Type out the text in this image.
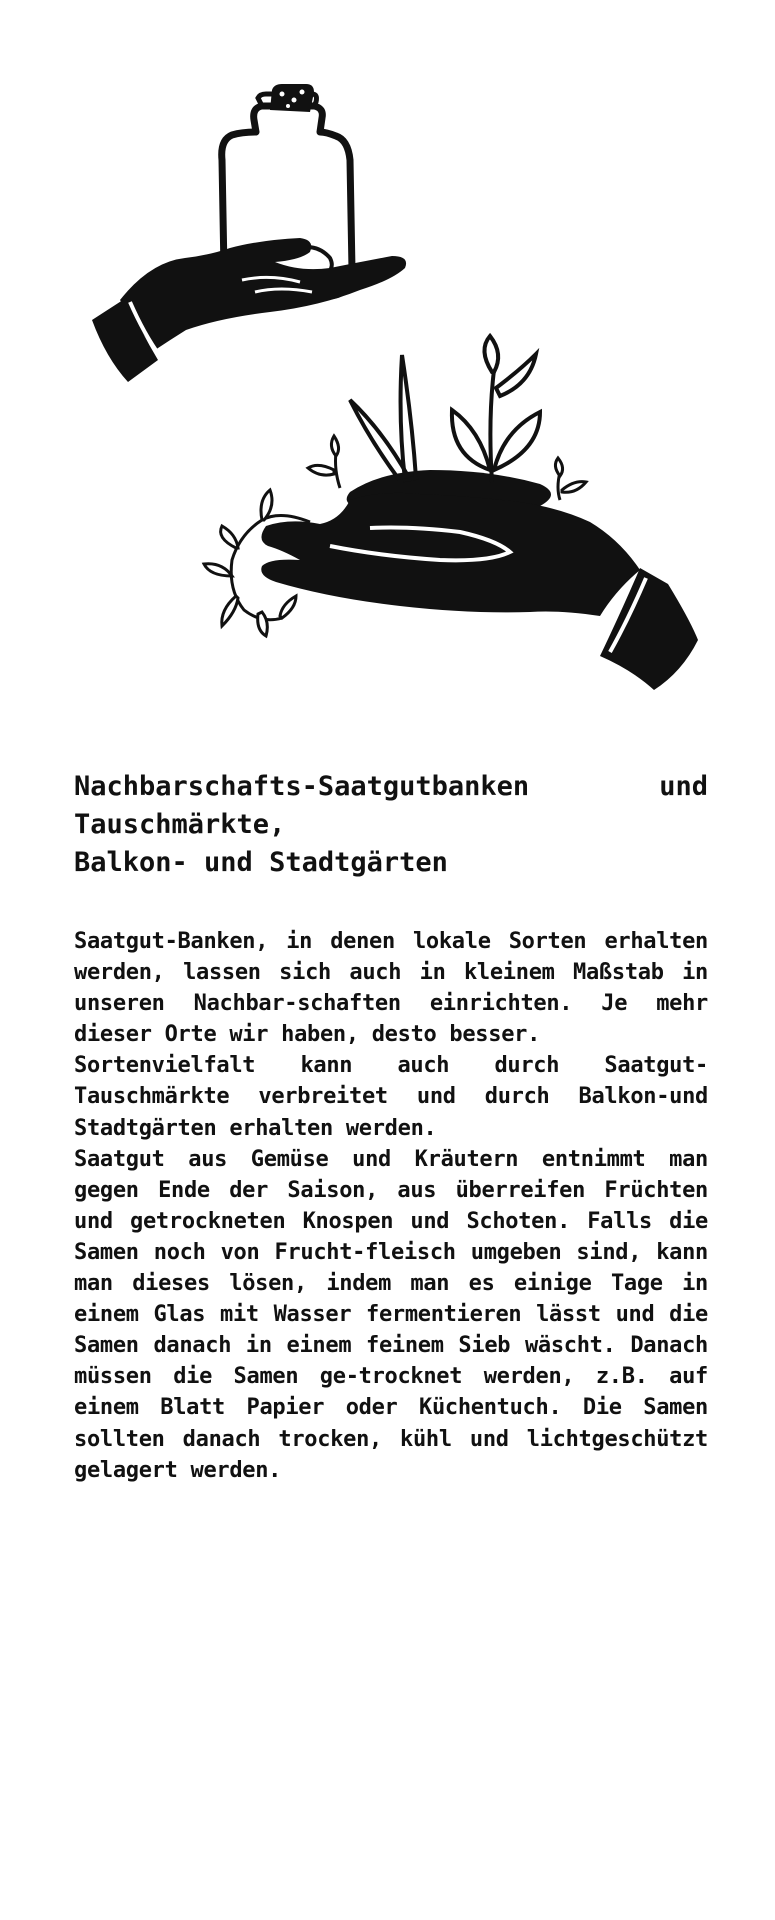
Nachbarschafts-Saatgutbanken und
Tauschmärkte,
Balkon- und Stadtgärten

Saatgut-Banken, in denen lokale Sorten erhalten werden, lassen sich auch in kleinem Maßstab in unseren Nachbar-schaften einrichten. Je mehr dieser Orte wir haben, desto besser.

Sortenvielfalt kann auch durch Saatgut-Tauschmärkte verbreitet und durch Balkon-und Stadtgärten erhalten werden.

Saatgut aus Gemüse und Kräutern entnimmt man gegen Ende der Saison, aus überreifen Früchten und getrockneten Knospen und Schoten. Falls die Samen noch von Frucht-fleisch umgeben sind, kann man dieses lösen, indem man es einige Tage in einem Glas mit Wasser fermentieren lässt und die Samen danach in einem feinem Sieb wäscht. Danach müssen die Samen ge-trocknet werden, z.B. auf einem Blatt Papier oder Küchentuch. Die Samen sollten danach trocken, kühl und lichtgeschützt gelagert werden.
